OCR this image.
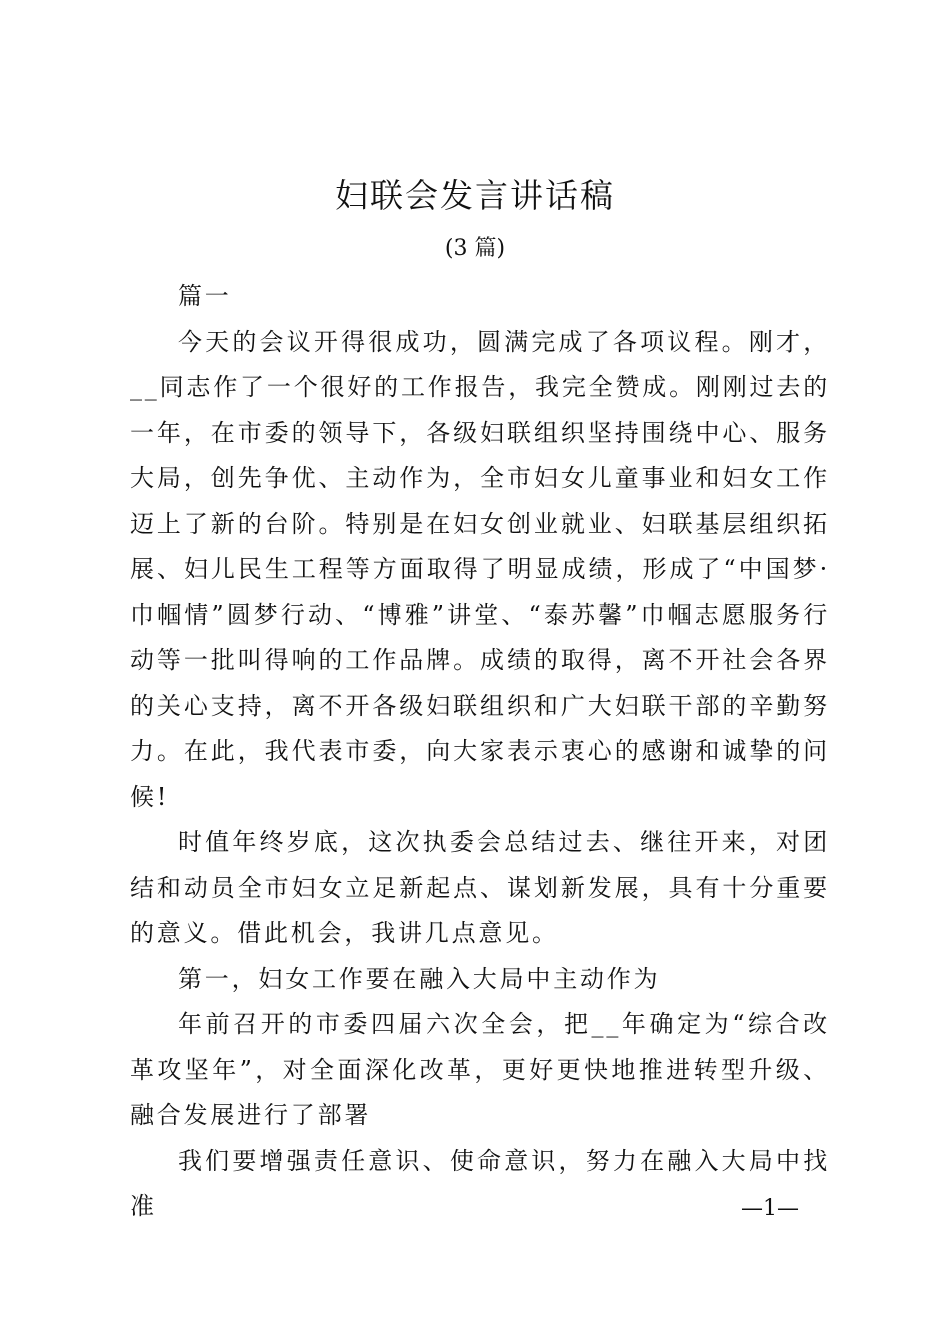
妇联会发言讲话稿
(3 篇)

篇一

今天的会议开得很成功，圆满完成了各项议程。刚才，__同志作了一个很好的工作报告，我完全赞成。刚刚过去的一年，在市委的领导下，各级妇联组织坚持围绕中心、服务大局，创先争优、主动作为，全市妇女儿童事业和妇女工作迈上了新的台阶。特别是在妇女创业就业、妇联基层组织拓展、妇儿民生工程等方面取得了明显成绩，形成了“中国梦·巾帼情”圆梦行动、“博雅”讲堂、“泰苏馨”巾帼志愿服务行动等一批叫得响的工作品牌。成绩的取得，离不开社会各界的关心支持，离不开各级妇联组织和广大妇联干部的辛勤努力。在此，我代表市委，向大家表示衷心的感谢和诚挚的问候!

时值年终岁底，这次执委会总结过去、继往开来，对团结和动员全市妇女立足新起点、谋划新发展，具有十分重要的意义。借此机会，我讲几点意见。

第一，妇女工作要在融入大局中主动作为

年前召开的市委四届六次全会，把__年确定为“综合改革攻坚年”，对全面深化改革，更好更快地推进转型升级、融合发展进行了部署

我们要增强责任意识、使命意识，努力在融入大局中找准	—1—
